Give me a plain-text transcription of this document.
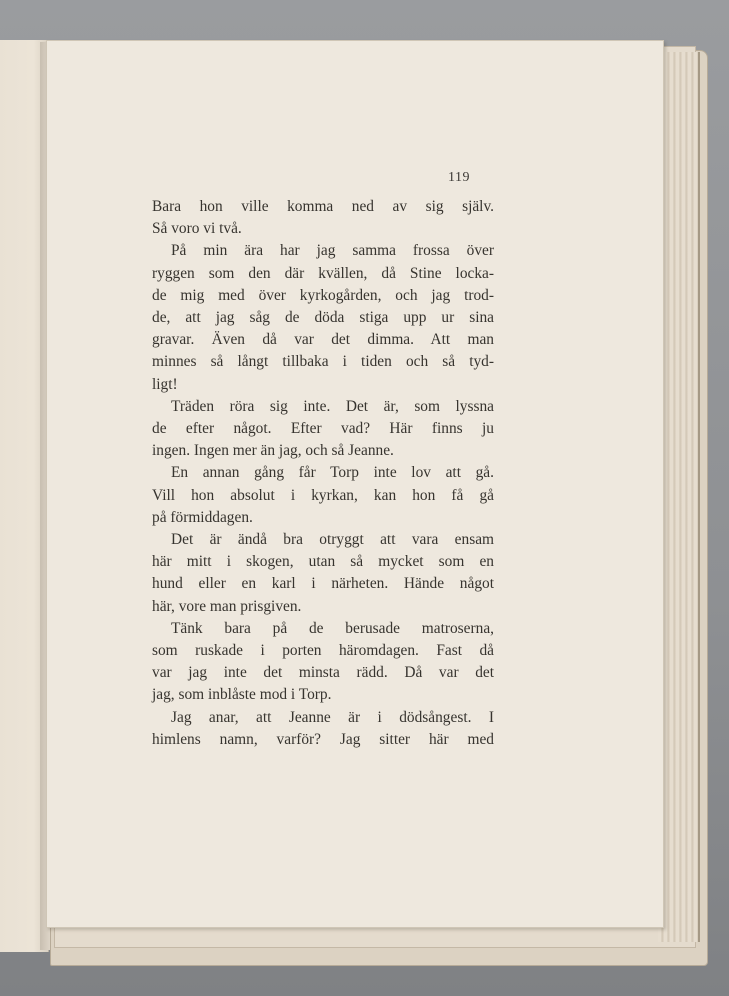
119
Bara hon ville komma ned av sig själv.
Så voro vi två.
På min ära har jag samma frossa över
ryggen som den där kvällen, då Stine locka-
de mig med över kyrkogården, och jag trod-
de, att jag såg de döda stiga upp ur sina
gravar. Även då var det dimma. Att man
minnes så långt tillbaka i tiden och så tyd-
ligt!
Träden röra sig inte. Det är, som lyssna
de efter något. Efter vad? Här finns ju
ingen. Ingen mer än jag, och så Jeanne.
En annan gång får Torp inte lov att gå.
Vill hon absolut i kyrkan, kan hon få gå
på förmiddagen.
Det är ändå bra otryggt att vara ensam
här mitt i skogen, utan så mycket som en
hund eller en karl i närheten. Hände något
här, vore man prisgiven.
Tänk bara på de berusade matroserna,
som ruskade i porten häromdagen. Fast då
var jag inte det minsta rädd. Då var det
jag, som inblåste mod i Torp.
Jag anar, att Jeanne är i dödsångest. I
himlens namn, varför? Jag sitter här med
